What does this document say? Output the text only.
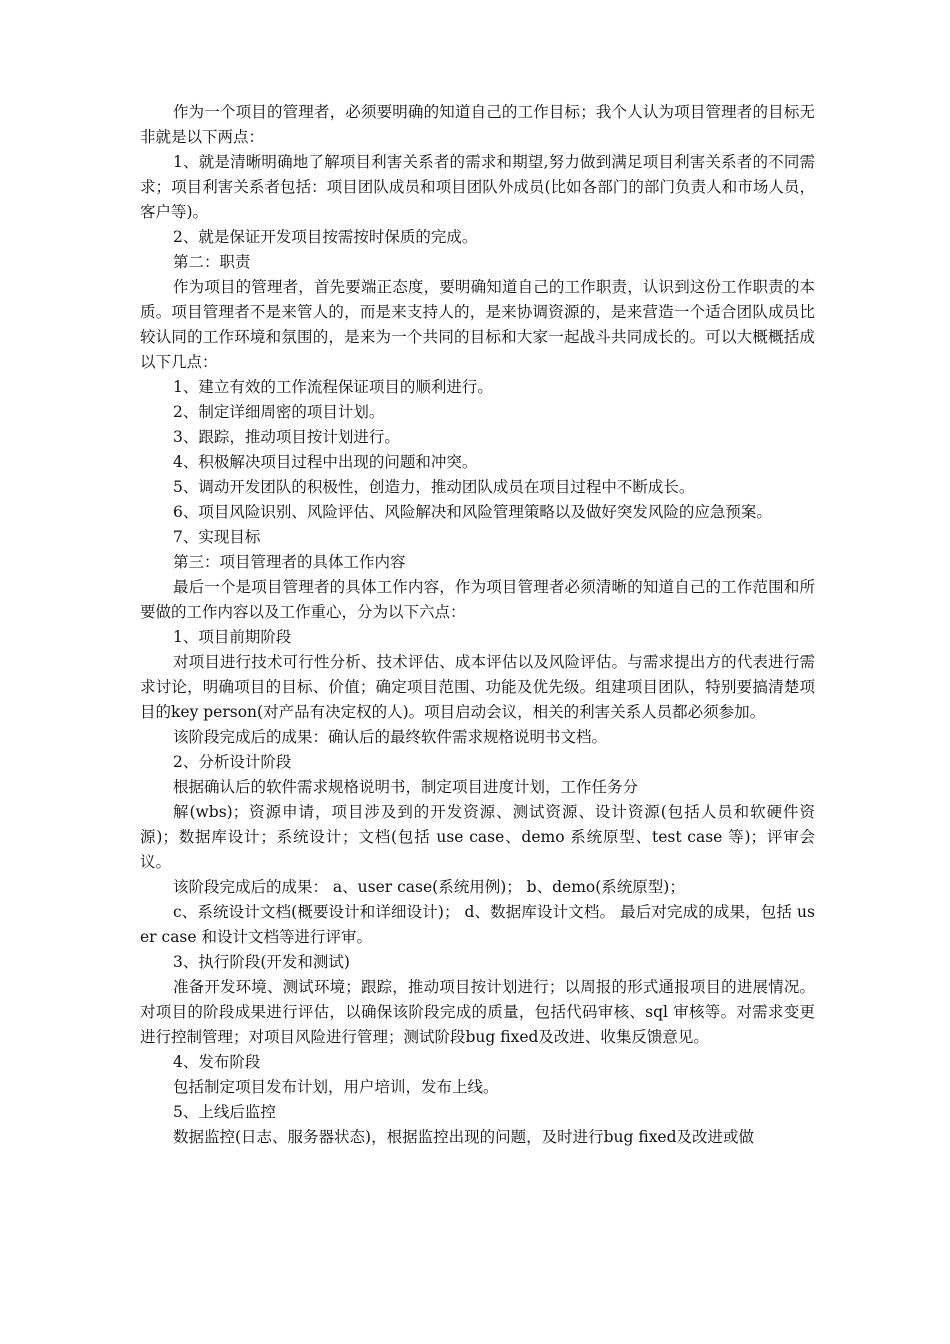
作为一个项目的管理者，必须要明确的知道自己的工作目标；我个人认为项目管理者的目标无非就是以下两点：

1、就是清晰明确地了解项目利害关系者的需求和期望,努力做到满足项目利害关系者的不同需求；项目利害关系者包括：项目团队成员和项目团队外成员(比如各部门的部门负责人和市场人员，客户等)。

2、就是保证开发项目按需按时保质的完成。

第二：职责

作为项目的管理者，首先要端正态度，要明确知道自己的工作职责，认识到这份工作职责的本质。项目管理者不是来管人的，而是来支持人的，是来协调资源的，是来营造一个适合团队成员比较认同的工作环境和氛围的，是来为一个共同的目标和大家一起战斗共同成长的。可以大概概括成以下几点：

1、建立有效的工作流程保证项目的顺利进行。

2、制定详细周密的项目计划。

3、跟踪，推动项目按计划进行。

4、积极解决项目过程中出现的问题和冲突。

5、调动开发团队的积极性，创造力，推动团队成员在项目过程中不断成长。

6、项目风险识别、风险评估、风险解决和风险管理策略以及做好突发风险的应急预案。

7、实现目标

第三：项目管理者的具体工作内容

最后一个是项目管理者的具体工作内容，作为项目管理者必须清晰的知道自己的工作范围和所要做的工作内容以及工作重心，分为以下六点：

1、项目前期阶段

对项目进行技术可行性分析、技术评估、成本评估以及风险评估。与需求提出方的代表进行需求讨论，明确项目的目标、价值；确定项目范围、功能及优先级。组建项目团队，特别要搞清楚项目的key person(对产品有决定权的人)。项目启动会议，相关的利害关系人员都必须参加。

该阶段完成后的成果：确认后的最终软件需求规格说明书文档。

2、分析设计阶段

根据确认后的软件需求规格说明书，制定项目进度计划，工作任务分

解(wbs)；资源申请，项目涉及到的开发资源、测试资源、设计资源(包括人员和软硬件资源)；数据库设计；系统设计；文档(包括 use case、demo 系统原型、test case 等)；评审会议。

该阶段完成后的成果： a、user case(系统用例)； b、demo(系统原型)；

c、系统设计文档(概要设计和详细设计)； d、数据库设计文档。 最后对完成的成果，包括 user case 和设计文档等进行评审。

3、执行阶段(开发和测试)

准备开发环境、测试环境；跟踪，推动项目按计划进行；以周报的形式通报项目的进展情况。对项目的阶段成果进行评估，以确保该阶段完成的质量，包括代码审核、sql 审核等。对需求变更进行控制管理；对项目风险进行管理；测试阶段bug fixed及改进、收集反馈意见。

4、发布阶段

包括制定项目发布计划，用户培训，发布上线。

5、上线后监控

数据监控(日志、服务器状态)，根据监控出现的问题，及时进行bug fixed及改进或做
